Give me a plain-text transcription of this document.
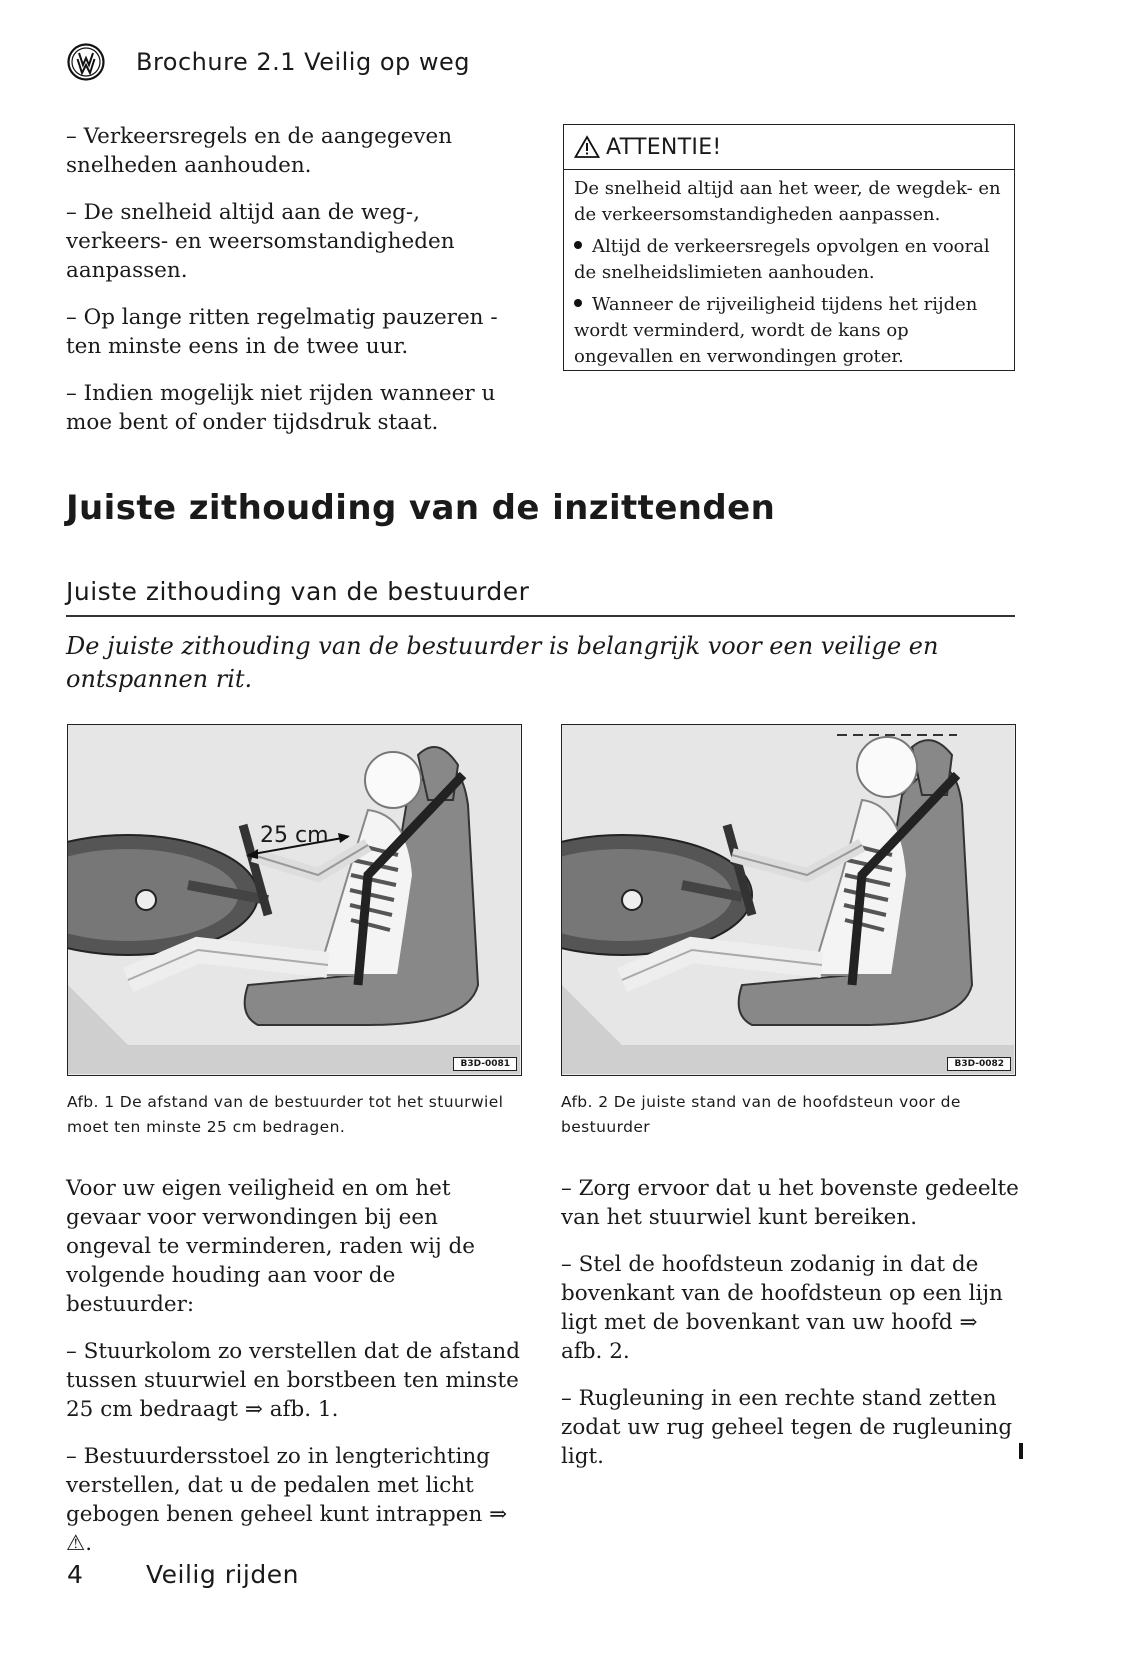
Brochure 2.1 Veilig op weg

– Verkeersregels en de aangegeven snelheden aanhouden.

– De snelheid altijd aan de weg-, verkeers- en weersomstandigheden aanpassen.

– Op lange ritten regelmatig pauzeren - ten minste eens in de twee uur.

– Indien mogelijk niet rijden wanneer u moe bent of onder tijdsdruk staat.

ATTENTIE!

De snelheid altijd aan het weer, de wegdek- en de verkeersomstandigheden aanpassen.

Altijd de verkeersregels opvolgen en vooral de snelheidslimieten aanhouden.

Wanneer de rijveiligheid tijdens het rijden wordt verminderd, wordt de kans op ongevallen en verwondingen groter.

Juiste zithouding van de inzittenden
Juiste zithouding van de bestuurder
De juiste zithouding van de bestuurder is belangrijk voor een veilige en ontspannen rit.
25 cm
B3D-0081	B3D-0082
Afb. 1 De afstand van de bestuurder tot het stuurwiel moet ten minste 25 cm bedragen.
Afb. 2 De juiste stand van de hoofdsteun voor de bestuurder

Voor uw eigen veiligheid en om het gevaar voor verwondingen bij een ongeval te verminderen, raden wij de volgende houding aan voor de bestuurder:

– Stuurkolom zo verstellen dat de afstand tussen stuurwiel en borstbeen ten minste 25 cm bedraagt ⇒ afb. 1.

– Bestuurdersstoel zo in lengterichting verstellen, dat u de pedalen met licht gebogen benen geheel kunt intrappen ⇒ ⚠.

– Zorg ervoor dat u het bovenste gedeelte van het stuurwiel kunt bereiken.

– Stel de hoofdsteun zodanig in dat de bovenkant van de hoofdsteun op een lijn ligt met de bovenkant van uw hoofd ⇒ afb. 2.

– Rugleuning in een rechte stand zetten zodat uw rug geheel tegen de rugleuning ligt.

4	Veilig rijden
